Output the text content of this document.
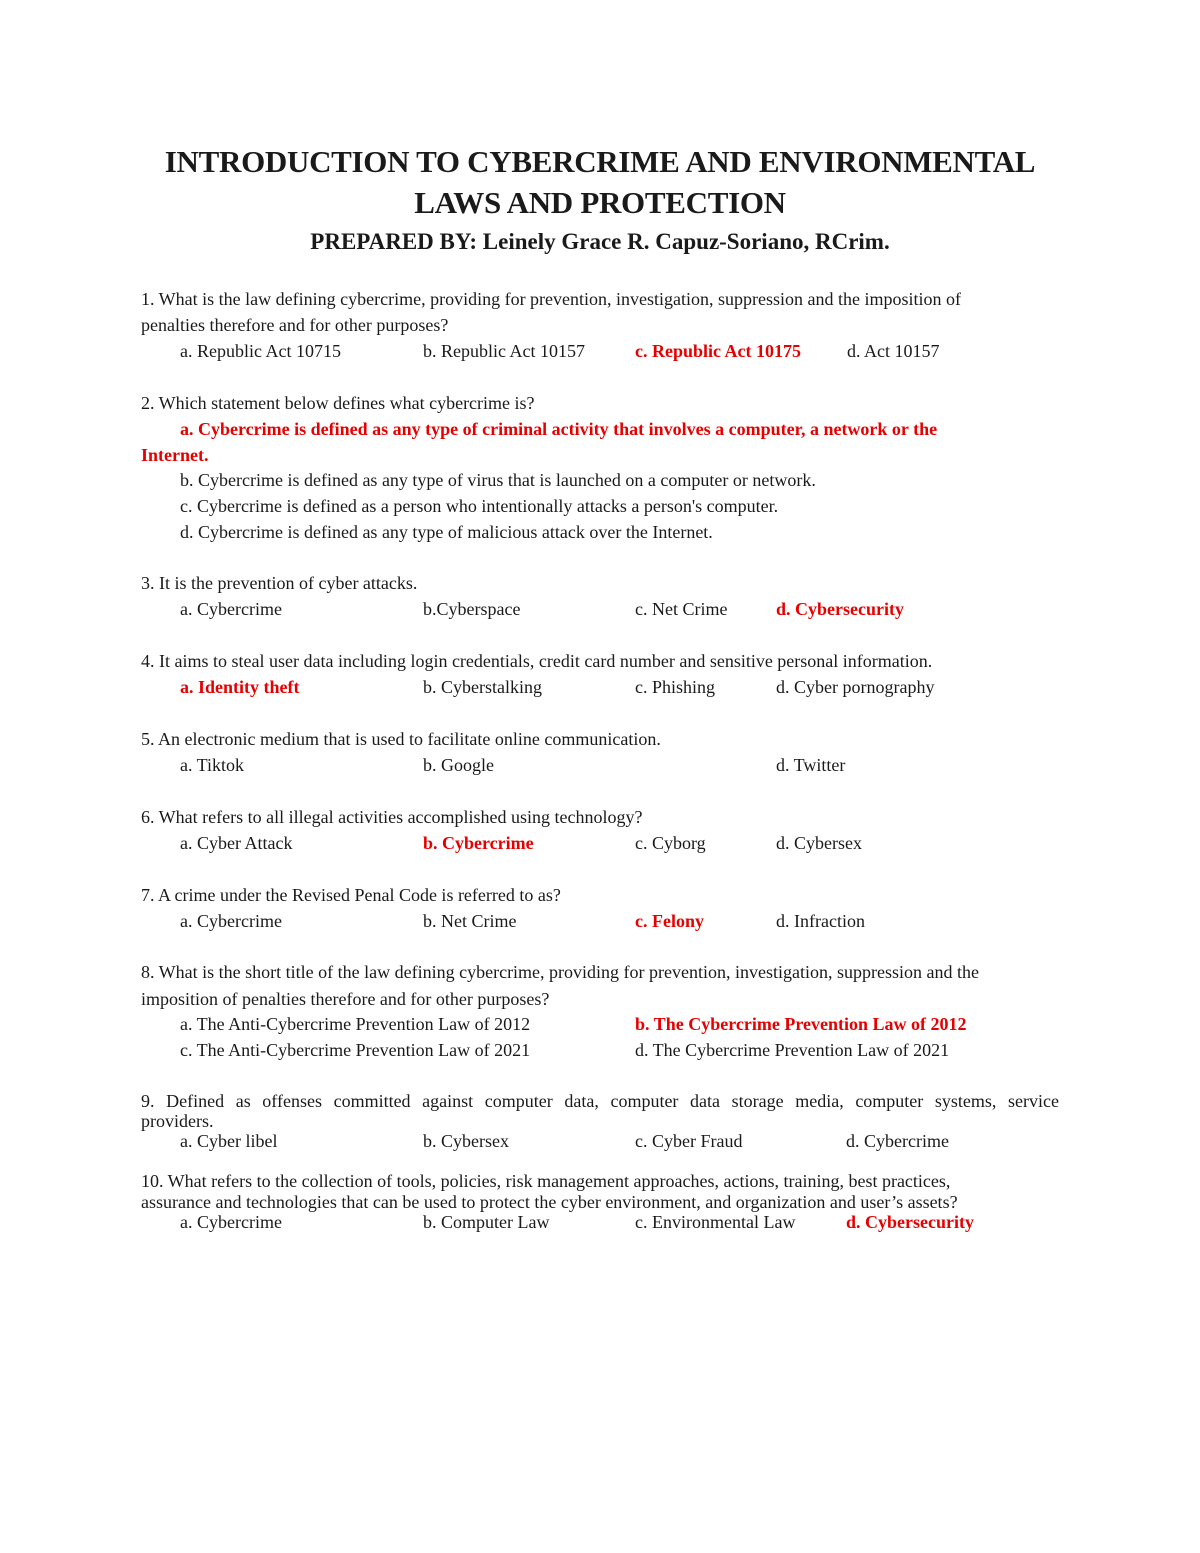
INTRODUCTION TO CYBERCRIME AND ENVIRONMENTAL
LAWS AND PROTECTION
PREPARED BY: Leinely Grace R. Capuz-Soriano, RCrim.
1. What is the law defining cybercrime, providing for prevention, investigation, suppression and the imposition of
penalties therefore and for other purposes?
a. Republic Act 10715	b. Republic Act 10157	c. Republic Act 10175	d. Act 10157
2. Which statement below defines what cybercrime is?
a. Cybercrime is defined as any type of criminal activity that involves a computer, a network or the
Internet.
b. Cybercrime is defined as any type of virus that is launched on a computer or network.
c. Cybercrime is defined as a person who intentionally attacks a person's computer.
d. Cybercrime is defined as any type of malicious attack over the Internet.
3. It is the prevention of cyber attacks.
a. Cybercrime	b.Cyberspace	c. Net Crime	d. Cybersecurity
4. It aims to steal user data including login credentials, credit card number and sensitive personal information.
a. Identity theft	b. Cyberstalking	c. Phishing	d. Cyber pornography
5. An electronic medium that is used to facilitate online communication.
a. Tiktok	b. Google	d. Twitter
6. What refers to all illegal activities accomplished using technology?
a. Cyber Attack	b. Cybercrime	c. Cyborg	d. Cybersex
7. A crime under the Revised Penal Code is referred to as?
a. Cybercrime	b. Net Crime	c. Felony	d. Infraction
8. What is the short title of the law defining cybercrime, providing for prevention, investigation, suppression and the
imposition of penalties therefore and for other purposes?
a. The Anti-Cybercrime Prevention Law of 2012	b. The Cybercrime Prevention Law of 2012
c. The Anti-Cybercrime Prevention Law of 2021	d. The Cybercrime Prevention Law of 2021
9. Defined as offenses committed against computer data, computer data storage media, computer systems, service
providers.
a. Cyber libel	b. Cybersex	c. Cyber Fraud	d. Cybercrime
10. What refers to the collection of tools, policies, risk management approaches, actions, training, best practices,
assurance and technologies that can be used to protect the cyber environment, and organization and user’s assets?
a. Cybercrime	b. Computer Law	c. Environmental Law	d. Cybersecurity
